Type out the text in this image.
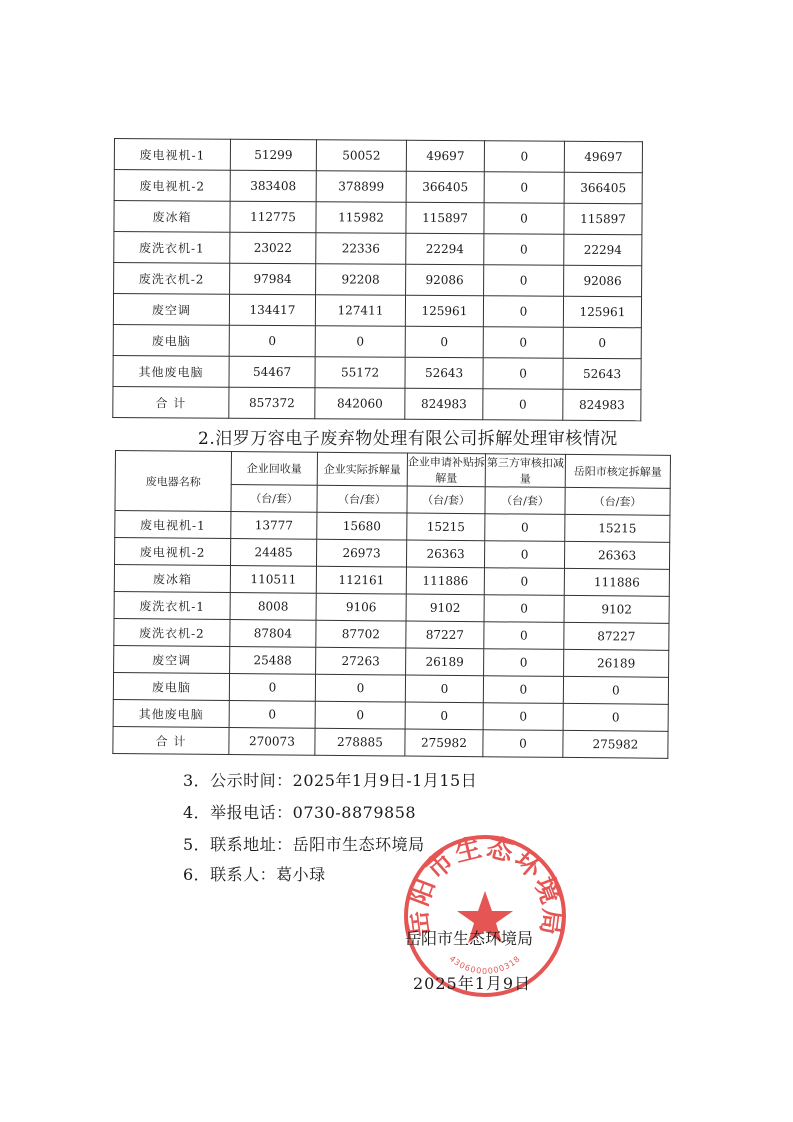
废电视机-1	51299	50052	49697	0	49697
废电视机-2	383408	378899	366405	0	366405
废冰箱	112775	115982	115897	0	115897
废洗衣机-1	23022	22336	22294	0	22294
废洗衣机-2	97984	92208	92086	0	92086
废空调	134417	127411	125961	0	125961
废电脑	0	0	0	0	0
其他废电脑	54467	55172	52643	0	52643
合 计	857372	842060	824983	0	824983
2.汨罗万容电子废弃物处理有限公司拆解处理审核情况
废电器名称	企业回收量	企业实际拆解量	企业申请补贴拆解量	第三方审核扣减量	岳阳市核定拆解量
	（台/套）	（台/套）	（台/套）	（台/套）	（台/套）
废电视机-1	13777	15680	15215	0	15215
废电视机-2	24485	26973	26363	0	26363
废冰箱	110511	112161	111886	0	111886
废洗衣机-1	8008	9106	9102	0	9102
废洗衣机-2	87804	87702	87227	0	87227
废空调	25488	27263	26189	0	26189
废电脑	0	0	0	0	0
其他废电脑	0	0	0	0	0
合 计	270073	278885	275982	0	275982
3．公示时间：2025年1月9日-1月15日
4．举报电话：0730-8879858
5．联系地址：岳阳市生态环境局
6．联系人：葛小琭
岳阳市生态环境局
4306000000318
岳阳市生态环境局
2025年1月9日
